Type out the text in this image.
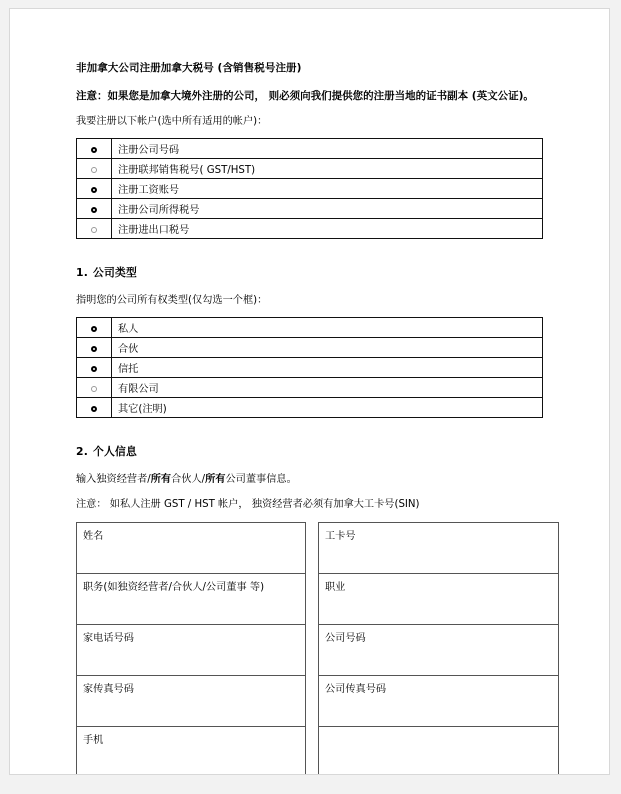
非加拿大公司注册加拿大税号 (含销售税号注册)
注意：如果您是加拿大境外注册的公司， 则必须向我们提供您的注册当地的证书副本 (英文公证)。
我要注册以下帐户(选中所有适用的帐户)：
	注册公司号码
	注册联邦销售税号( GST/HST)
	注册工资账号
	注册公司所得税号
	注册进出口税号
1. 公司类型
指明您的公司所有权类型(仅勾选一个框)：
	私人
	合伙
	信托
	有限公司
	其它(注明)
2. 个人信息
输入独资经营者/所有合伙人/所有公司董事信息。
注意： 如私人注册 GST / HST 帐户， 独资经营者必须有加拿大工卡号(SIN)
姓名		工卡号
职务(如独资经营者/合伙人/公司董事 等)		职业
家电话号码		公司号码
家传真号码		公司传真号码
手机		
